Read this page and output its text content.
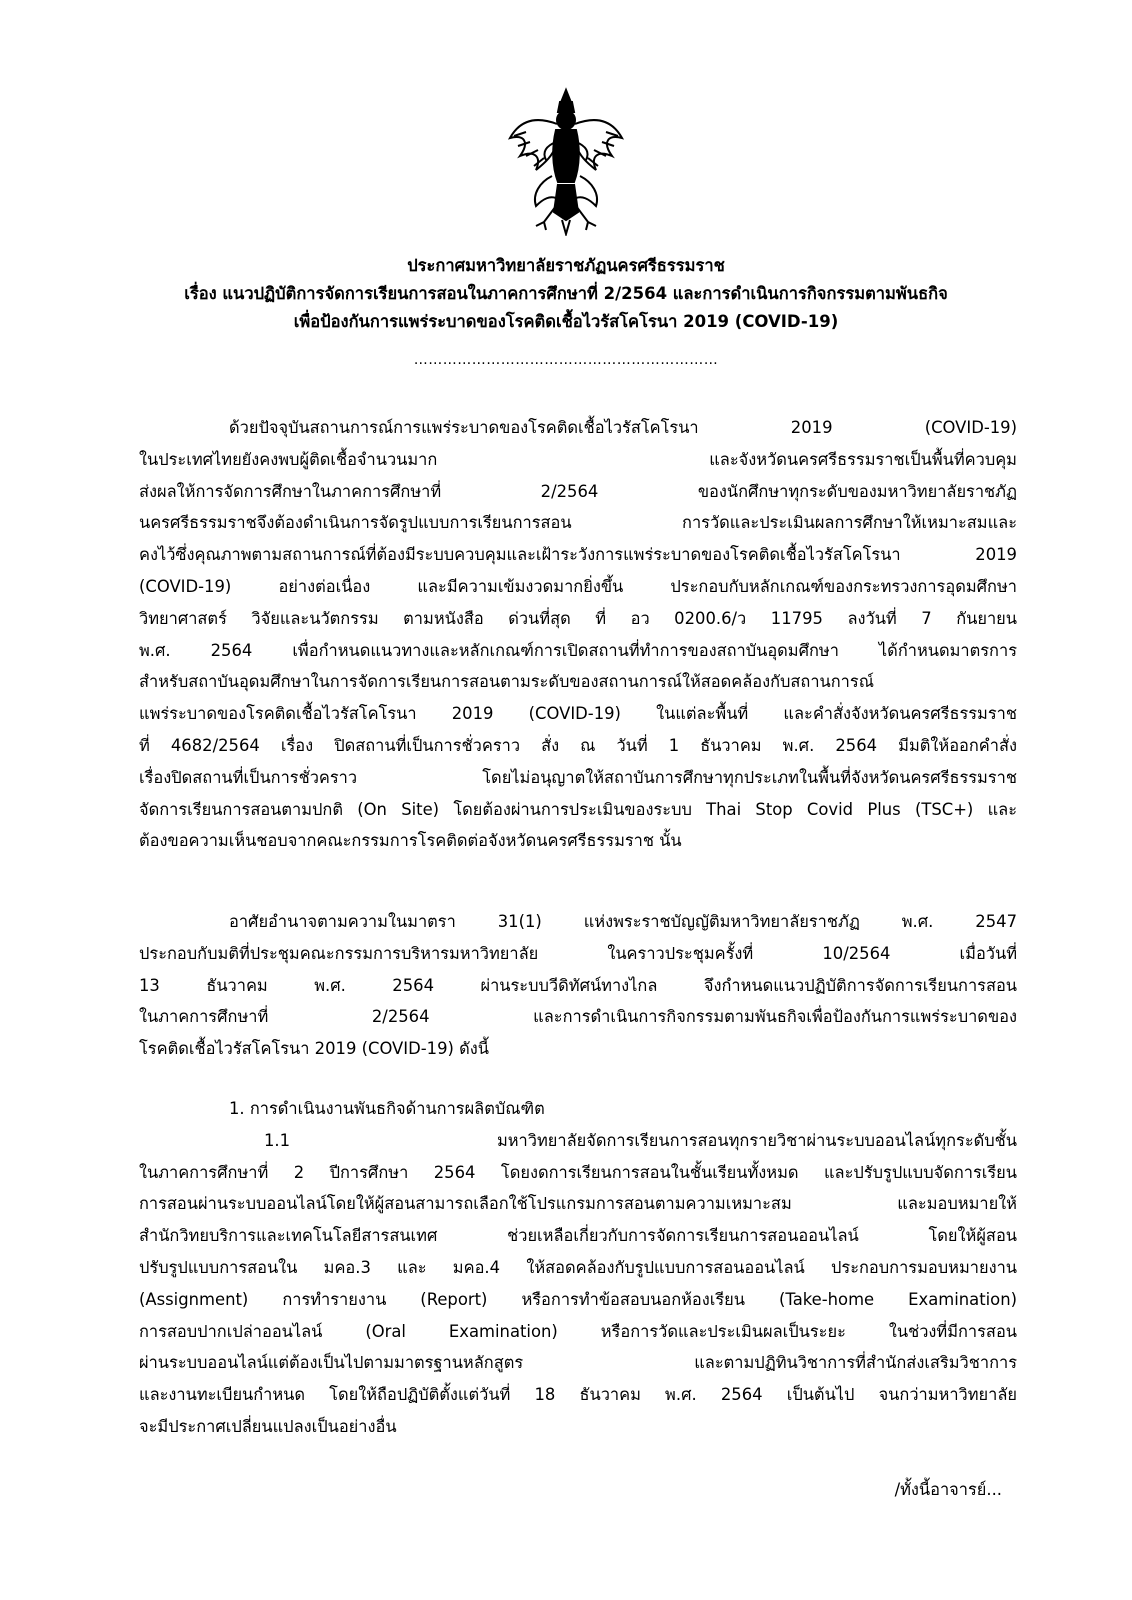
ประกาศมหาวิทยาลัยราชภัฏนครศรีธรรมราช
เรื่อง แนวปฏิบัติการจัดการเรียนการสอนในภาคการศึกษาที่ 2/2564 และการดำเนินการกิจกรรมตามพันธกิจ
เพื่อป้องกันการแพร่ระบาดของโรคติดเชื้อไวรัสโคโรนา 2019 (COVID-19)
………………………………………………………
ด้วยปัจจุบันสถานการณ์การแพร่ระบาดของโรคติดเชื้อไวรัสโคโรนา 2019 (COVID-19)
ในประเทศไทยยังคงพบผู้ติดเชื้อจำนวนมาก และจังหวัดนครศรีธรรมราชเป็นพื้นที่ควบคุม
ส่งผลให้การจัดการศึกษาในภาคการศึกษาที่ 2/2564 ของนักศึกษาทุกระดับของมหาวิทยาลัยราชภัฏ
นครศรีธรรมราชจึงต้องดำเนินการจัดรูปแบบการเรียนการสอน การวัดและประเมินผลการศึกษาให้เหมาะสมและ
คงไว้ซึ่งคุณภาพตามสถานการณ์ที่ต้องมีระบบควบคุมและเฝ้าระวังการแพร่ระบาดของโรคติดเชื้อไวรัสโคโรนา 2019
(COVID-19) อย่างต่อเนื่อง และมีความเข้มงวดมากยิ่งขึ้น ประกอบกับหลักเกณฑ์ของกระทรวงการอุดมศึกษา
วิทยาศาสตร์ วิจัยและนวัตกรรม ตามหนังสือ ด่วนที่สุด ที่ อว 0200.6/ว 11795 ลงวันที่ 7 กันยายน
พ.ศ. 2564 เพื่อกำหนดแนวทางและหลักเกณฑ์การเปิดสถานที่ทำการของสถาบันอุดมศึกษา ได้กำหนดมาตรการ
สำหรับสถาบันอุดมศึกษาในการจัดการเรียนการสอนตามระดับของสถานการณ์ให้สอดคล้องกับสถานการณ์
แพร่ระบาดของโรคติดเชื้อไวรัสโคโรนา 2019 (COVID-19) ในแต่ละพื้นที่ และคำสั่งจังหวัดนครศรีธรรมราช
ที่ 4682/2564 เรื่อง ปิดสถานที่เป็นการชั่วคราว สั่ง ณ วันที่ 1 ธันวาคม พ.ศ. 2564 มีมติให้ออกคำสั่ง
เรื่องปิดสถานที่เป็นการชั่วคราว โดยไม่อนุญาตให้สถาบันการศึกษาทุกประเภทในพื้นที่จังหวัดนครศรีธรรมราช
จัดการเรียนการสอนตามปกติ (On Site) โดยต้องผ่านการประเมินของระบบ Thai Stop Covid Plus (TSC+) และ
ต้องขอความเห็นชอบจากคณะกรรมการโรคติดต่อจังหวัดนครศรีธรรมราช นั้น
อาศัยอำนาจตามความในมาตรา 31(1) แห่งพระราชบัญญัติมหาวิทยาลัยราชภัฏ พ.ศ. 2547
ประกอบกับมติที่ประชุมคณะกรรมการบริหารมหาวิทยาลัย ในคราวประชุมครั้งที่ 10/2564 เมื่อวันที่
13 ธันวาคม พ.ศ. 2564 ผ่านระบบวีดิทัศน์ทางไกล จึงกำหนดแนวปฏิบัติการจัดการเรียนการสอน
ในภาคการศึกษาที่ 2/2564 และการดำเนินการกิจกรรมตามพันธกิจเพื่อป้องกันการแพร่ระบาดของ
โรคติดเชื้อไวรัสโคโรนา 2019 (COVID-19) ดังนี้
1. การดำเนินงานพันธกิจด้านการผลิตบัณฑิต
1.1 มหาวิทยาลัยจัดการเรียนการสอนทุกรายวิชาผ่านระบบออนไลน์ทุกระดับชั้น
ในภาคการศึกษาที่ 2 ปีการศึกษา 2564 โดยงดการเรียนการสอนในชั้นเรียนทั้งหมด และปรับรูปแบบจัดการเรียน
การสอนผ่านระบบออนไลน์โดยให้ผู้สอนสามารถเลือกใช้โปรแกรมการสอนตามความเหมาะสม และมอบหมายให้
สำนักวิทยบริการและเทคโนโลยีสารสนเทศ ช่วยเหลือเกี่ยวกับการจัดการเรียนการสอนออนไลน์ โดยให้ผู้สอน
ปรับรูปแบบการสอนใน มคอ.3 และ มคอ.4 ให้สอดคล้องกับรูปแบบการสอนออนไลน์ ประกอบการมอบหมายงาน
(Assignment) การทำรายงาน (Report) หรือการทำข้อสอบนอกห้องเรียน (Take-home Examination)
การสอบปากเปล่าออนไลน์ (Oral Examination) หรือการวัดและประเมินผลเป็นระยะ ในช่วงที่มีการสอน
ผ่านระบบออนไลน์แต่ต้องเป็นไปตามมาตรฐานหลักสูตร และตามปฏิทินวิชาการที่สำนักส่งเสริมวิชาการ
และงานทะเบียนกำหนด โดยให้ถือปฏิบัติตั้งแต่วันที่ 18 ธันวาคม พ.ศ. 2564 เป็นต้นไป จนกว่ามหาวิทยาลัย
จะมีประกาศเปลี่ยนแปลงเป็นอย่างอื่น
/ทั้งนี้อาจารย์...
